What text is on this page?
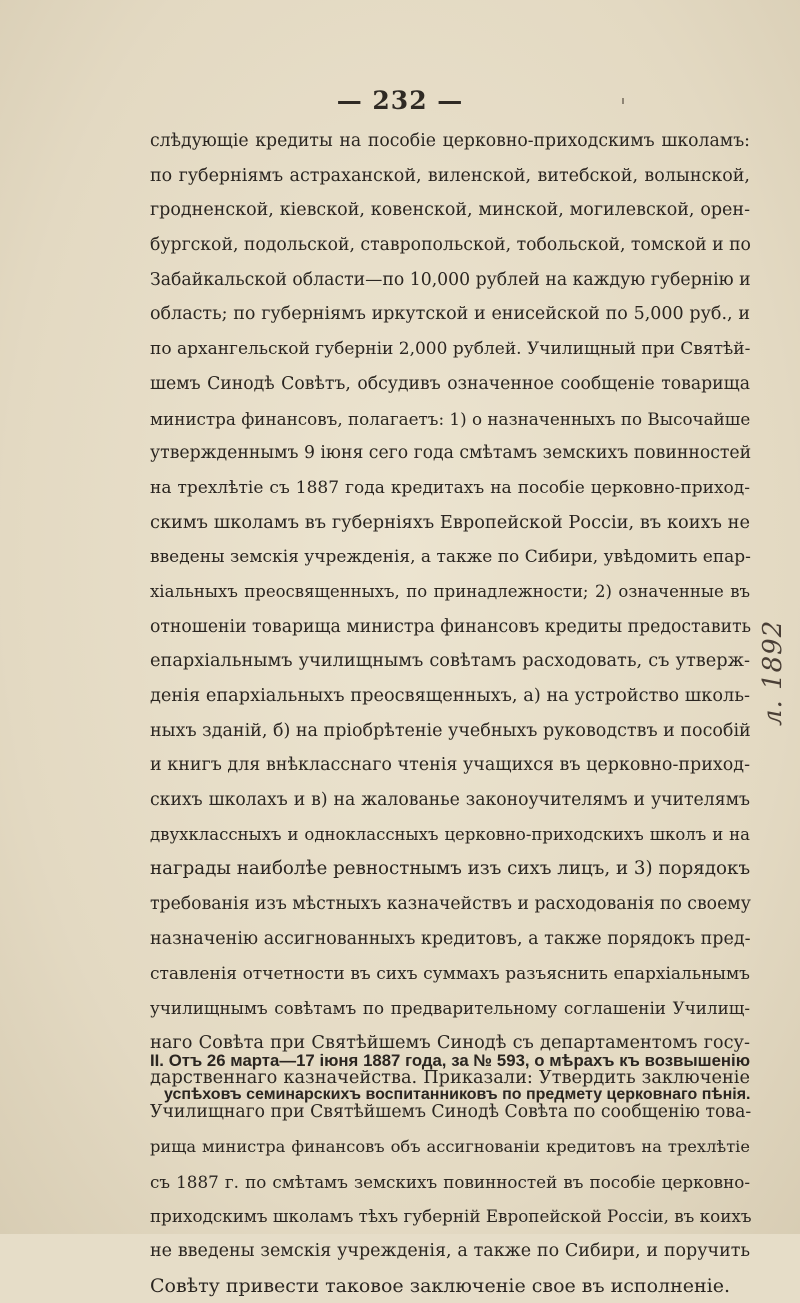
— 232 —
слѣдующіе кредиты на пособіе церковно-приходскимъ школамъ:
по губерніямъ астраханской, виленской, витебской, волынской,
гродненской, кіевской, ковенской, минской, могилевской, орен-
бургской, подольской, ставропольской, тобольской, томской и по
Забайкальской области—по 10,000 рублей на каждую губернію и
область; по губерніямъ иркутской и енисейской по 5,000 руб., и
по архангельской губерніи 2,000 рублей. Училищный при Святѣй-
шемъ Синодѣ Совѣтъ, обсудивъ означенное сообщеніе товарища
министра финансовъ, полагаетъ: 1) о назначенныхъ по Высочайше
утвержденнымъ 9 іюня сего года смѣтамъ земскихъ повинностей
на трехлѣтіе съ 1887 года кредитахъ на пособіе церковно-приход-
скимъ школамъ въ губерніяхъ Европейской Россіи, въ коихъ не
введены земскія учрежденія, а также по Сибири, увѣдомить епар-
хіальныхъ преосвященныхъ, по принадлежности; 2) означенные въ
отношеніи товарища министра финансовъ кредиты предоставить
епархіальнымъ училищнымъ совѣтамъ расходовать, съ утверж-
денія епархіальныхъ преосвященныхъ, а) на устройство школь-
ныхъ зданій, б) на пріобрѣтеніе учебныхъ руководствъ и пособій
и книгъ для внѣкласснаго чтенія учащихся въ церковно-приход-
скихъ школахъ и в) на жалованье законоучителямъ и учителямъ
двухклассныхъ и одноклассныхъ церковно-приходскихъ школъ и на
награды наиболѣе ревностнымъ изъ сихъ лицъ, и 3) порядокъ
требованія изъ мѣстныхъ казначействъ и расходованія по своему
назначенію ассигнованныхъ кредитовъ, а также порядокъ пред-
ставленія отчетности въ сихъ суммахъ разъяснить епархіальнымъ
училищнымъ совѣтамъ по предварительному соглашеніи Училищ-
наго Совѣта при Святѣйшемъ Синодѣ съ департаментомъ госу-
дарственнаго казначейства. Приказали: Утвердить заключеніе
Училищнаго при Святѣйшемъ Синодѣ Совѣта по сообщенію това-
рища министра финансовъ объ ассигнованіи кредитовъ на трехлѣтіе
съ 1887 г. по смѣтамъ земскихъ повинностей въ пособіе церковно-
приходскимъ школамъ тѣхъ губерній Европейской Россіи, въ коихъ
не введены земскія учрежденія, а также по Сибири, и поручить
Совѣту привести таковое заключеніе свое въ исполненіе.
II. Отъ 26 марта—17 іюня 1887 года, за № 593, о мѣрахъ къ возвышенію
успѣховъ семинарскихъ воспитанниковъ по предмету церковнаго пѣнія.
л. 1892
